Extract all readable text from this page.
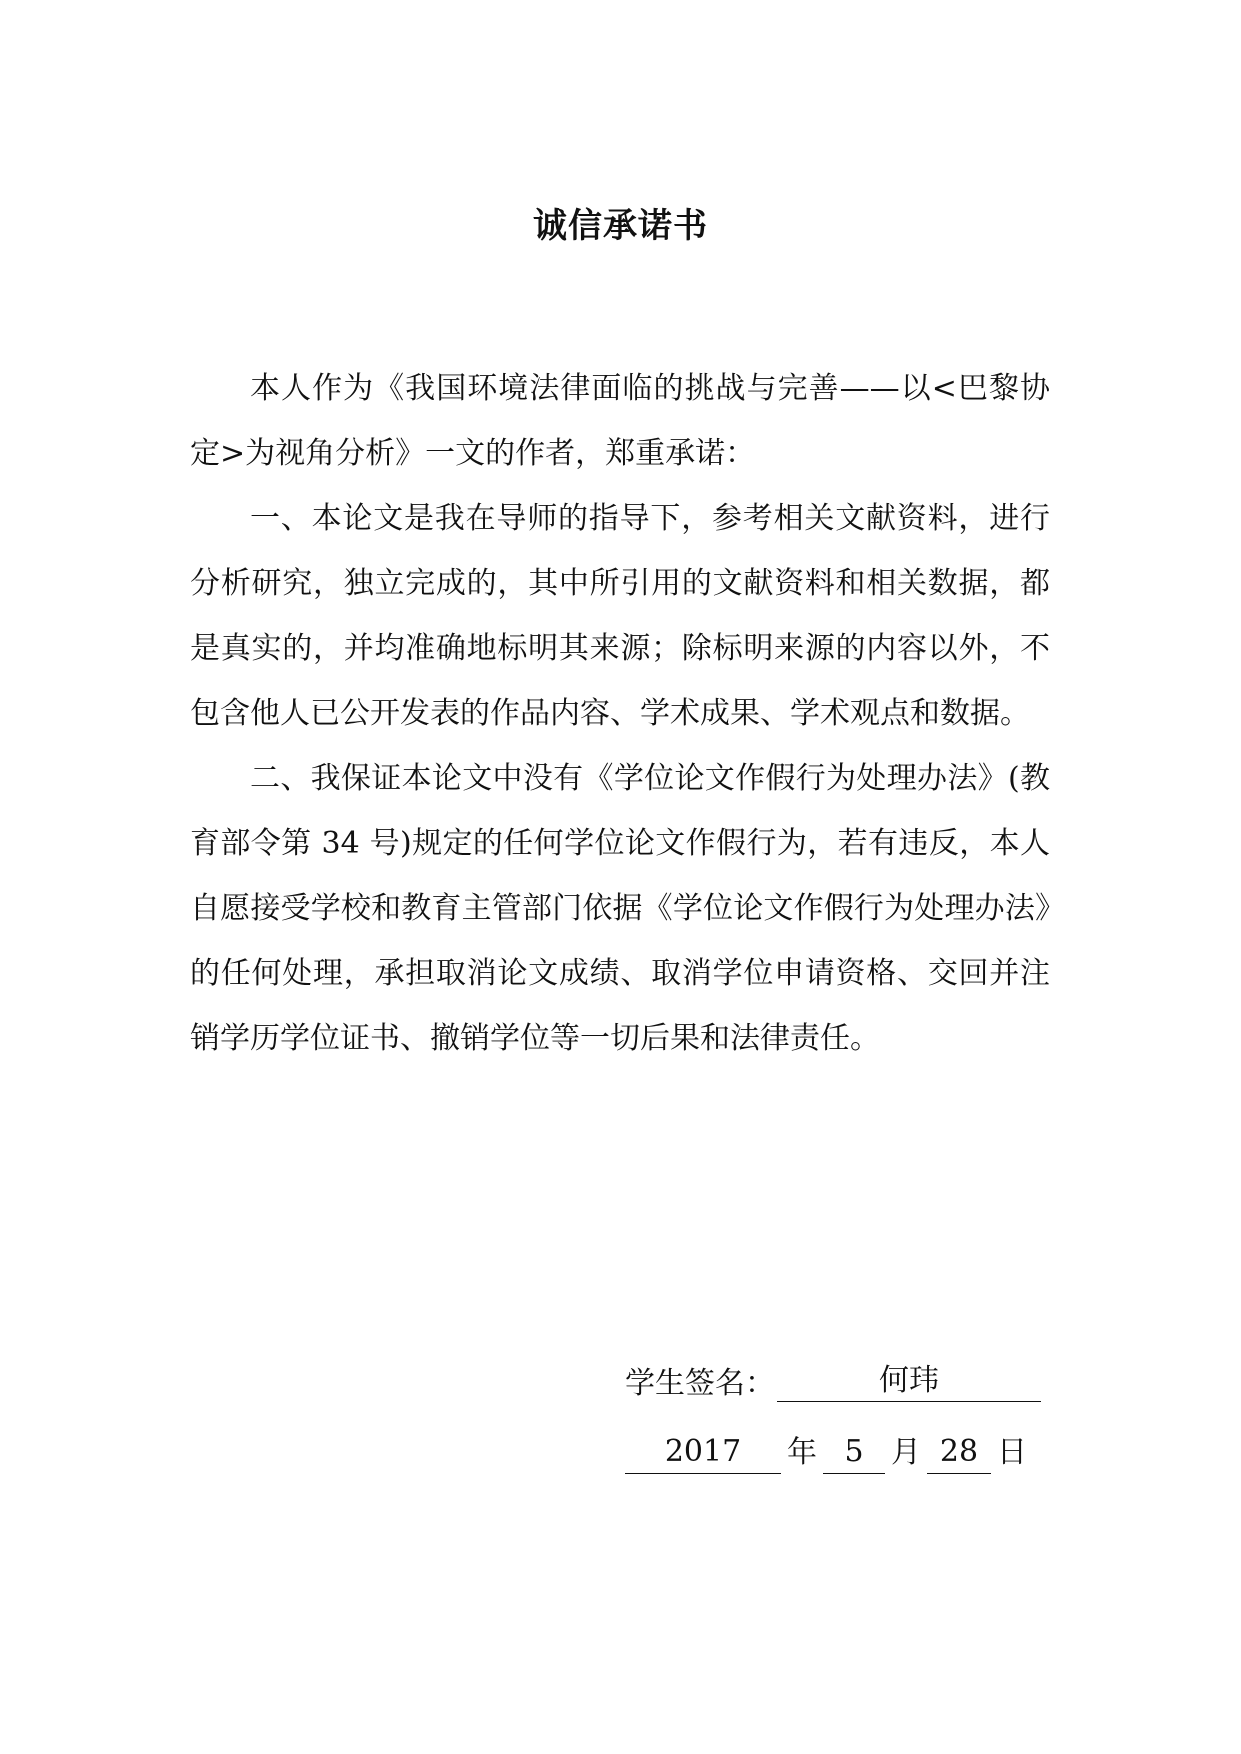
诚信承诺书

本人作为《我国环境法律面临的挑战与完善——以<巴黎协定>为视角分析》一文的作者，郑重承诺：

一、本论文是我在导师的指导下，参考相关文献资料，进行分析研究，独立完成的，其中所引用的文献资料和相关数据，都是真实的，并均准确地标明其来源；除标明来源的内容以外，不包含他人已公开发表的作品内容、学术成果、学术观点和数据。

二、我保证本论文中没有《学位论文作假行为处理办法》(教育部令第 34 号)规定的任何学位论文作假行为，若有违反，本人自愿接受学校和教育主管部门依据《学位论文作假行为处理办法》的任何处理，承担取消论文成绩、取消学位申请资格、交回并注销学历学位证书、撤销学位等一切后果和法律责任。

学生签名：	何玮
2017	年 5 月 28 日
